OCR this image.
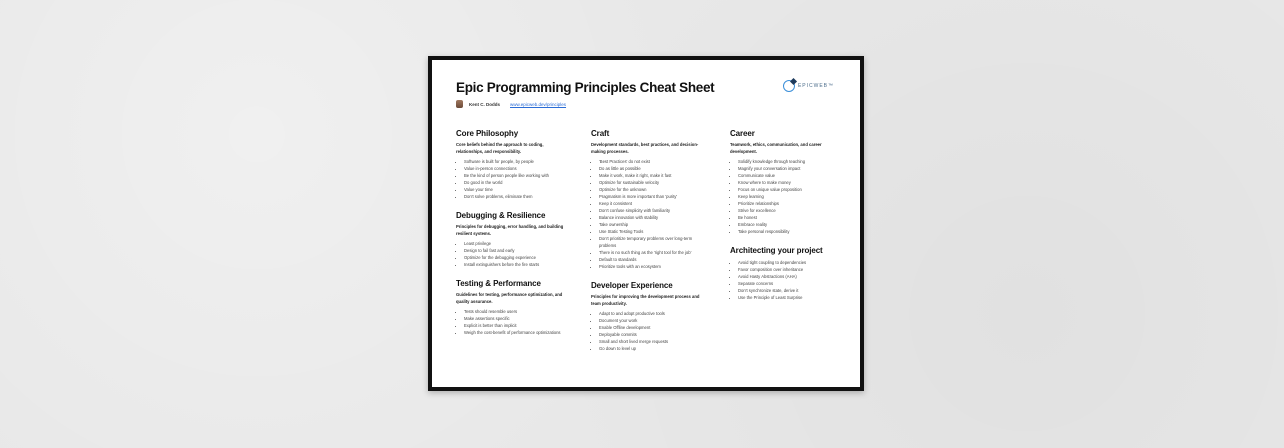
Epic Programming Principles Cheat Sheet
Kent C. Dodds	www.epicweb.dev/principles
EPICWEB™
Core Philosophy

Core beliefs behind the approach to coding, relationships, and responsibility.

• Software is built for people, by people
• Value in-person connections
• Be the kind of person people like working with
• Do good in the world
• Value your time
• Don't solve problems, eliminate them
Debugging & Resilience

Principles for debugging, error handling, and building resilient systems.

• Least privilege
• Design to fail fast and early
• Optimize for the debugging experience
• Install extinguishers before the fire starts
Testing & Performance

Guidelines for testing, performance optimization, and quality assurance.

• Tests should resemble users
• Make assertions specific
• Explicit is better than implicit
• Weigh the cost-benefit of performance optimizations
Craft

Development standards, best practices, and decision-making processes.

• 'Best Practices' do not exist
• Do as little as possible
• Make it work, make it right, make it fast
• Optimize for sustainable velocity
• Optimize for the unknown
• Pragmatism is more important than 'purity'
• Keep it consistent
• Don't confuse simplicity with familiarity
• Balance innovation with stability
• Take ownership
• Use Static Testing Tools
• Don't prioritize temporary problems over long-term problems
• There is no such thing as the 'right tool for the job'
• Default to standards
• Prioritize tools with an ecosystem
Developer Experience

Principles for improving the development process and team productivity.

• Adapt to and adopt productive tools
• Document your work
• Enable Offline development
• Deployable commits
• Small and short lived merge requests
• Go down to level up
Career

Teamwork, ethics, communication, and career development.

• Solidify knowledge through teaching
• Magnify your conversation impact
• Communicate value
• Know where to make money
• Focus on unique value proposition
• Keep learning
• Prioritize relationships
• Strive for excellence
• Be honest
• Embrace reality
• Take personal responsibility
Architecting your project
• Avoid tight coupling to dependencies
• Favor composition over inheritance
• Avoid Hasty Abstractions (AHA)
• Separate concerns
• Don't synchronize state, derive it
• Use the Principle of Least Surprise
